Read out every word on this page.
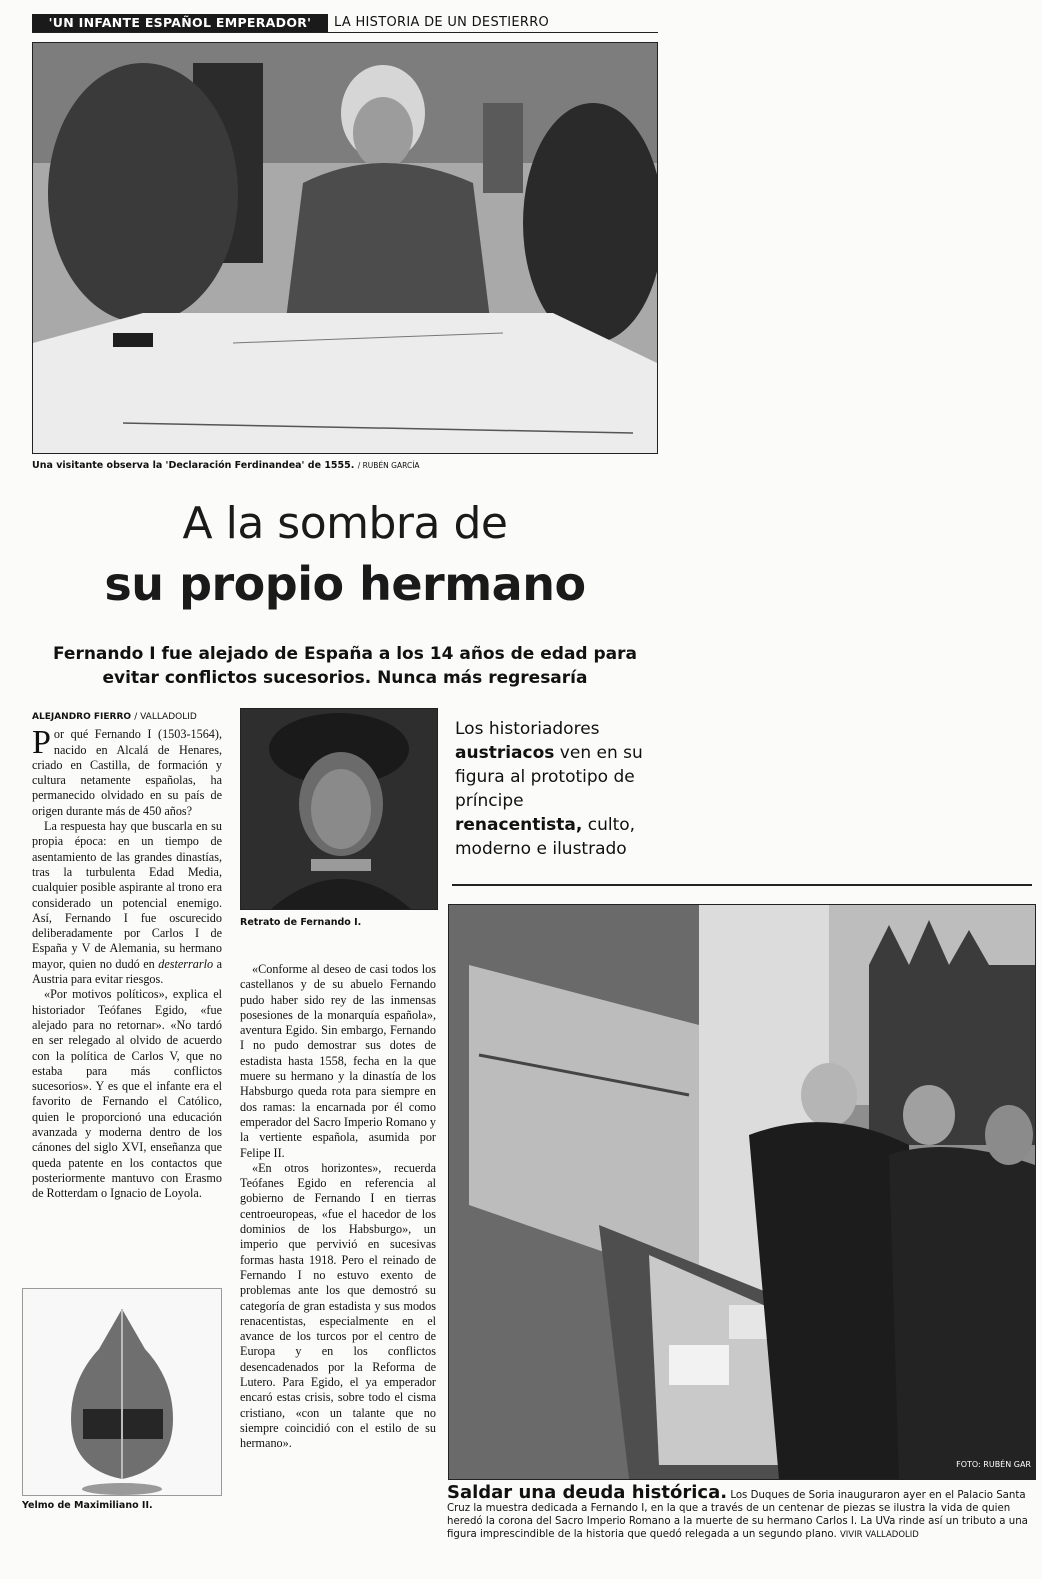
'UN INFANTE ESPAÑOL EMPERADOR'	LA HISTORIA DE UN DESTIERRO
Una visitante observa la 'Declaración Ferdinandea' de 1555. / RUBÉN GARCÍA
A la sombra de
su propio hermano
Fernando I fue alejado de España a los 14 años de edad para evitar conflictos sucesorios. Nunca más regresaría
ALEJANDRO FIERRO / VALLADOLID

Por qué Fernando I (1503-1564), nacido en Alcalá de Henares, criado en Castilla, de formación y cultura netamente españolas, ha permanecido olvidado en su país de origen durante más de 450 años?

La respuesta hay que buscarla en su propia época: en un tiempo de asentamiento de las grandes dinastías, tras la turbulenta Edad Media, cualquier posible aspirante al trono era considerado un potencial enemigo. Así, Fernando I fue oscurecido deliberadamente por Carlos I de España y V de Alemania, su hermano mayor, quien no dudó en desterrarlo a Austria para evitar riesgos.

«Por motivos políticos», explica el historiador Teófanes Egido, «fue alejado para no retornar». «No tardó en ser relegado al olvido de acuerdo con la política de Carlos V, que no estaba para más conflictos sucesorios». Y es que el infante era el favorito de Fernando el Católico, quien le proporcionó una educación avanzada y moderna dentro de los cánones del siglo XVI, enseñanza que queda patente en los contactos que posteriormente mantuvo con Erasmo de Rotterdam o Ignacio de Loyola.

Retrato de Fernando I.

«Conforme al deseo de casi todos los castellanos y de su abuelo Fernando pudo haber sido rey de las inmensas posesiones de la monarquía española», aventura Egido. Sin embargo, Fernando I no pudo demostrar sus dotes de estadista hasta 1558, fecha en la que muere su hermano y la dinastía de los Habsburgo queda rota para siempre en dos ramas: la encarnada por él como emperador del Sacro Imperio Romano y la vertiente española, asumida por Felipe II.

«En otros horizontes», recuerda Teófanes Egido en referencia al gobierno de Fernando I en tierras centroeuropeas, «fue el hacedor de los dominios de los Habsburgo», un imperio que pervivió en sucesivas formas hasta 1918. Pero el reinado de Fernando I no estuvo exento de problemas ante los que demostró su categoría de gran estadista y sus modos renacentistas, especialmente en el avance de los turcos por el centro de Europa y en los conflictos desencadenados por la Reforma de Lutero. Para Egido, el ya emperador encaró estas crisis, sobre todo el cisma cristiano, «con un talante que no siempre coincidió con el estilo de su hermano».

Yelmo de Maximiliano II.
Los historiadores
austriacos ven en su figura al prototipo de príncipe renacentista, culto, moderno e ilustrado
FOTO: RUBÉN GAR
Saldar una deuda histórica. Los Duques de Soria inauguraron ayer en el Palacio Santa Cruz la muestra dedicada a Fernando I, en la que a través de un centenar de piezas se ilustra la vida de quien heredó la corona del Sacro Imperio Romano a la muerte de su hermano Carlos I. La UVa rinde así un tributo a una figura imprescindible de la historia que quedó relegada a un segundo plano. VIVIR VALLADOLID
